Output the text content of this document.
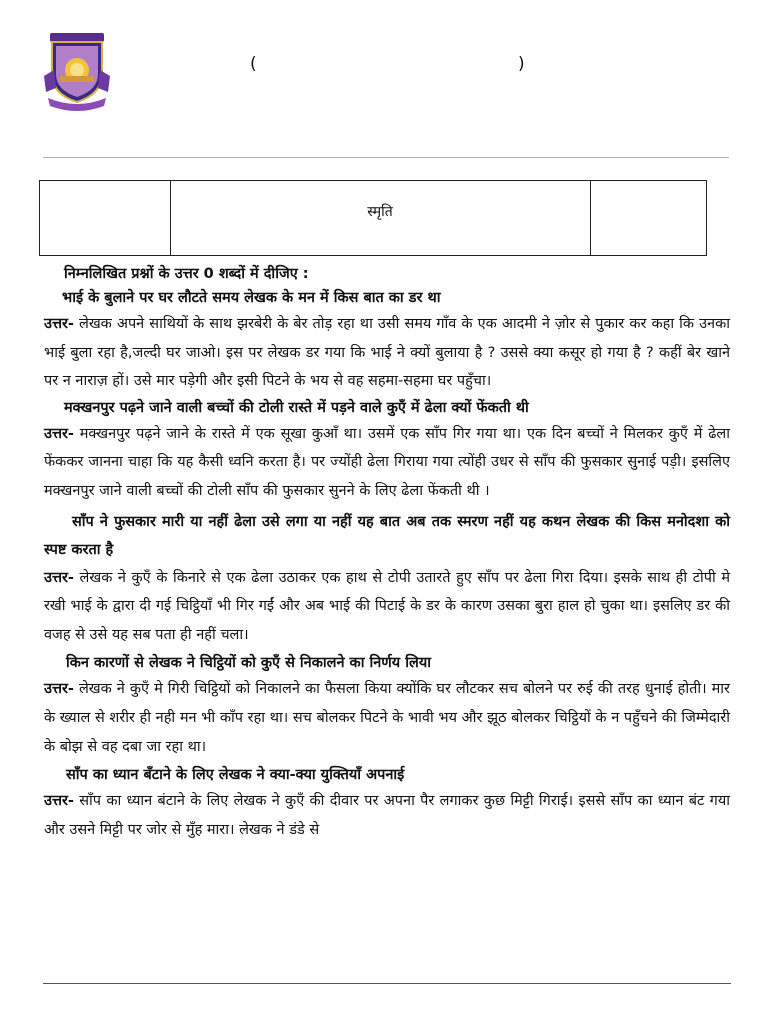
(	)
स्मृति

निम्नलिखित प्रश्नों के उत्तर 0 शब्दों में दीजिए :

भाई के बुलाने पर घर लौटते समय लेखक के मन में किस बात का डर था

उत्तर- लेखक अपने साथियों के साथ झरबेरी के बेर तोड़ रहा था उसी समय गाँव के एक आदमी ने ज़ोर से पुकार कर कहा कि उनका भाई बुला रहा है,जल्दी घर जाओ। इस पर लेखक डर गया कि भाई ने क्यों बुलाया है ? उससे क्या कसूर हो गया है ? कहीं बेर खाने पर न नाराज़ हों। उसे मार पड़ेगी और इसी पिटने के भय से वह सहमा-सहमा घर पहुँचा।

मक्खनपुर पढ़ने जाने वाली बच्चों की टोली रास्ते में पड़ने वाले कुएँ में ढेला क्यों फेंकती थी

उत्तर- मक्खनपुर पढ़ने जाने के रास्ते में एक सूखा कुआँ था। उसमें एक साँप गिर गया था। एक दिन बच्चों ने मिलकर कुएँ में ढेला फेंककर जानना चाहा कि यह कैसी ध्वनि करता है। पर ज्योंही ढेला गिराया गया त्योंही उधर से साँप की फुसकार सुनाई पड़ी। इसलिए मक्खनपुर जाने वाली बच्चों की टोली साँप की फुसकार सुनने के लिए ढेला फेंकती थी ।

साँप ने फुसकार मारी या नहीं ढेला उसे लगा या नहीं यह बात अब तक स्मरण नहीं यह कथन लेखक की किस मनोदशा को स्पष्ट करता है

उत्तर- लेखक ने कुएँ के किनारे से एक ढेला उठाकर एक हाथ से टोपी उतारते हुए साँप पर ढेला गिरा दिया। इसके साथ ही टोपी मे रखी भाई के द्वारा दी गई चिट्ठियाँ भी गिर गईं और अब भाई की पिटाई के डर के कारण उसका बुरा हाल हो चुका था। इसलिए डर की वजह से उसे यह सब पता ही नहीं चला।

किन कारणों से लेखक ने चिट्ठियों को कुएँ से निकालने का निर्णय लिया

उत्तर- लेखक ने कुएँ मे गिरी चिट्ठियों को निकालने का फैसला किया क्योंकि घर लौटकर सच बोलने पर रुई की तरह धुनाई होती। मार के ख्याल से शरीर ही नही मन भी काँप रहा था। सच बोलकर पिटने के भावी भय और झूठ बोलकर चिट्ठियों के न पहुँचने की जिम्मेदारी के बोझ से वह दबा जा रहा था।

साँप का ध्यान बँटाने के लिए लेखक ने क्या-क्या युक्तियाँ अपनाई

उत्तर- साँप का ध्यान बंटाने के लिए लेखक ने कुएँ की दीवार पर अपना पैर लगाकर कुछ मिट्टी गिराई। इससे साँप का ध्यान बंट गया और उसने मिट्टी पर जोर से मुँह मारा। लेखक ने डंडे से
